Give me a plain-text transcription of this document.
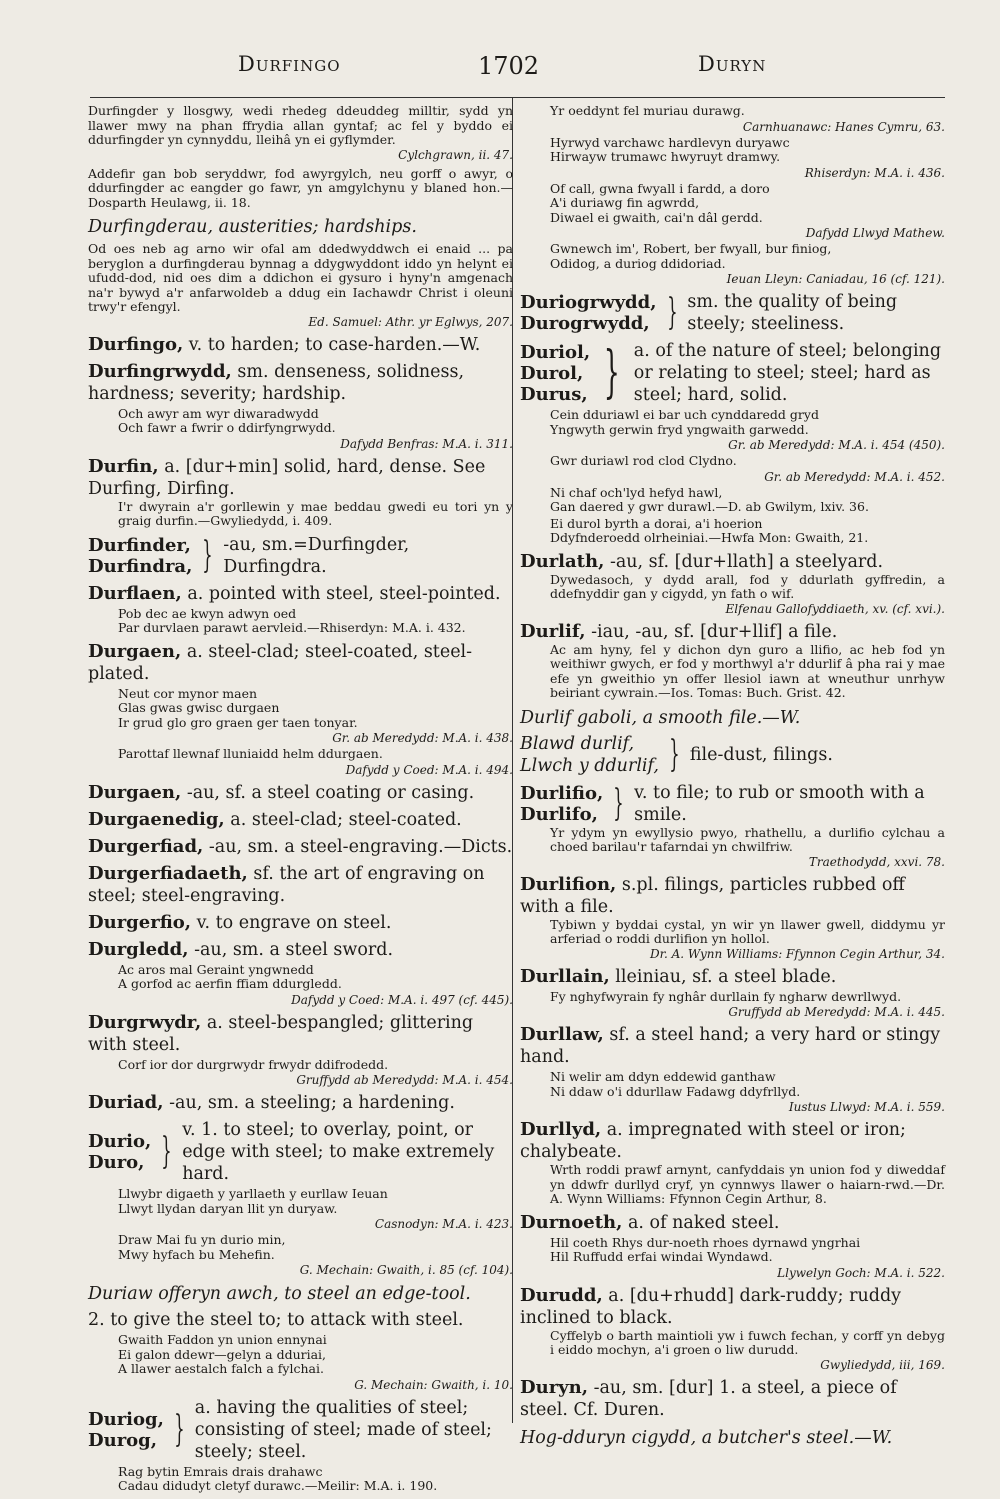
Durfingo	1702	Duryn
Durfingder y llosgwy, wedi rhedeg ddeuddeg milltir, sydd yn llawer mwy na phan ffrydia allan gyntaf; ac fel y byddo ei ddurfingder yn cynnyddu, lleihâ yn ei gyflymder.
Cylchgrawn, ii. 47.
Addefir gan bob seryddwr, fod awyrgylch, neu gorff o awyr, o ddurfingder ac eangder go fawr, yn amgylchynu y blaned hon.—Dosparth Heulawg, ii. 18.
Durfingderau, austerities; hardships.
Od oes neb ag arno wir ofal am ddedwyddwch ei enaid ... pa beryglon a durfingderau bynnag a ddygwyddont iddo yn helynt ei ufudd-dod, nid oes dim a ddichon ei gysuro i hyny'n amgenach na'r bywyd a'r anfarwoldeb a ddug ein Iachawdr Christ i oleuni trwy'r efengyl.
Ed. Samuel: Athr. yr Eglwys, 207.
Durfingo, v. to harden; to case-harden.—W.
Durfingrwydd, sm. denseness, solidness, hardness; severity; hardship.
Och awyr am wyr diwaradwydd
Och fawr a fwrir o ddirfyngrwydd.
Dafydd Benfras: M.A. i. 311.
Durfin, a. [dur+min] solid, hard, dense. See Durfing, Dirfing.
I'r dwyrain a'r gorllewin y mae beddau gwedi eu tori yn y graig durfin.—Gwyliedydd, i. 409.
Durfinder,
Durfindra, } -au, sm.=Durfingder, Durfingdra.
Durflaen, a. pointed with steel, steel-pointed.
Pob dec ae kwyn adwyn oed
Par durvlaen parawt aervleid.—Rhiserdyn: M.A. i. 432.
Durgaen, a. steel-clad; steel-coated, steel-plated.
Neut cor mynor maen
Glas gwas gwisc durgaen
Ir grud glo gro graen ger taen tonyar.
Gr. ab Meredydd: M.A. i. 438.
Parottaf llewnaf lluniaidd helm ddurgaen.
Dafydd y Coed: M.A. i. 494.
Durgaen, -au, sf. a steel coating or casing.
Durgaenedig, a. steel-clad; steel-coated.
Durgerfiad, -au, sm. a steel-engraving.—Dicts.
Durgerfiadaeth, sf. the art of engraving on steel; steel-engraving.
Durgerfio, v. to engrave on steel.
Durgledd, -au, sm. a steel sword.
Ac aros mal Geraint yngwnedd
A gorfod ac aerfin ffiam ddurgledd.
Dafydd y Coed: M.A. i. 497 (cf. 445).
Durgrwydr, a. steel-bespangled; glittering with steel.
Corf ior dor durgrwydr frwydr ddifrodedd.
Gruffydd ab Meredydd: M.A. i. 454.
Duriad, -au, sm. a steeling; a hardening.
Durio,
Duro, }
v. 1. to steel; to overlay, point, or edge with steel; to make extremely hard.
Llwybr digaeth y yarllaeth y eurllaw Ieuan
Llwyt llydan daryan llit yn duryaw.
Casnodyn: M.A. i. 423.
Draw Mai fu yn durio min,
Mwy hyfach bu Mehefin.
G. Mechain: Gwaith, i. 85 (cf. 104).
Duriaw offeryn awch, to steel an edge-tool.
2. to give the steel to; to attack with steel.
Gwaith Faddon yn union ennynai
Ei galon ddewr—gelyn a dduriai,
A llawer aestalch falch a fylchai.
G. Mechain: Gwaith, i. 10.
Duriog,
Durog, }
a. having the qualities of steel; consisting of steel; made of steel; steely; steel.
Rag bytin Emrais drais drahawc
Cadau didudyt cletyf durawc.—Meilir: M.A. i. 190.
Yr oeddynt fel muriau durawg.
Carnhuanawc: Hanes Cymru, 63.
Hyrwyd varchawc hardlevyn duryawc
Hirwayw trumawc hwyruyt dramwy.
Rhiserdyn: M.A. i. 436.
Of call, gwna fwyall i fardd, a doro
A'i duriawg fin agwrdd,
Diwael ei gwaith, cai'n dâl gerdd.
Dafydd Llwyd Mathew.
Gwnewch im', Robert, ber fwyall, bur finiog,
Odidog, a duriog ddidoriad.
Ieuan Lleyn: Caniadau, 16 (cf. 121).
Duriogrwydd,
Durogrwydd, } sm. the quality of being steely; steeliness.
Duriol,
Durol,
Durus, } a. of the nature of steel; belonging or relating to steel; steel; hard as steel; hard, solid.
Cein dduriawl ei bar uch cynddaredd gryd
Yngwyth gerwin fryd yngwaith garwedd.
Gr. ab Meredydd: M.A. i. 454 (450).
Gwr duriawl rod clod Clydno.
Gr. ab Meredydd: M.A. i. 452.
Ni chaf och'lyd hefyd hawl,
Gan daered y gwr durawl.—D. ab Gwilym, lxiv. 36.
Ei durol byrth a dorai, a'i hoerion
Ddyfnderoedd olrheiniai.—Hwfa Mon: Gwaith, 21.
Durlath, -au, sf. [dur+llath] a steelyard.
Dywedasoch, y dydd arall, fod y ddurlath gyffredin, a ddefnyddir gan y cigydd, yn fath o wif.
Elfenau Gallofyddiaeth, xv. (cf. xvi.).
Durlif, -iau, -au, sf. [dur+llif] a file.
Ac am hyny, fel y dichon dyn guro a llifio, ac heb fod yn weithiwr gwych, er fod y morthwyl a'r ddurlif â pha rai y mae efe yn gweithio yn offer llesiol iawn at wneuthur unrhyw beiriant cywrain.—Ios. Tomas: Buch. Grist. 42.
Durlif gaboli, a smooth file.—W.
Blawd durlif,
Llwch y ddurlif, } file-dust, filings.
Durlifio,
Durlifo, } v. to file; to rub or smooth with a smile.
Yr ydym yn ewyllysio pwyo, rhathellu, a durlifio cylchau a choed barilau'r tafarndai yn chwilfriw.
Traethodydd, xxvi. 78.
Durlifion, s.pl. filings, particles rubbed off with a file.
Tybiwn y byddai cystal, yn wir yn llawer gwell, diddymu yr arferiad o roddi durlifion yn hollol.
Dr. A. Wynn Williams: Ffynnon Cegin Arthur, 34.
Durllain, lleiniau, sf. a steel blade.
Fy nghyfwyrain fy nghâr durllain fy ngharw dewrllwyd.
Gruffydd ab Meredydd: M.A. i. 445.
Durllaw, sf. a steel hand; a very hard or stingy hand.
Ni welir am ddyn eddewid ganthaw
Ni ddaw o'i ddurllaw Fadawg ddyfrllyd.
Iustus Llwyd: M.A. i. 559.
Durllyd, a. impregnated with steel or iron; chalybeate.
Wrth roddi prawf arnynt, canfyddais yn union fod y diweddaf yn ddwfr durllyd cryf, yn cynnwys llawer o haiarn-rwd.—Dr. A. Wynn Williams: Ffynnon Cegin Arthur, 8.
Durnoeth, a. of naked steel.
Hil coeth Rhys dur-noeth rhoes dyrnawd yngrhai
Hil Ruffudd erfai windai Wyndawd.
Llywelyn Goch: M.A. i. 522.
Durudd, a. [du+rhudd] dark-ruddy; ruddy inclined to black.
Cyffelyb o barth maintioli yw i fuwch fechan, y corff yn debyg i eiddo mochyn, a'i groen o liw durudd.
Gwyliedydd, iii, 169.
Duryn, -au, sm. [dur] 1. a steel, a piece of steel. Cf. Duren.
Hog-dduryn cigydd, a butcher's steel.—W.
